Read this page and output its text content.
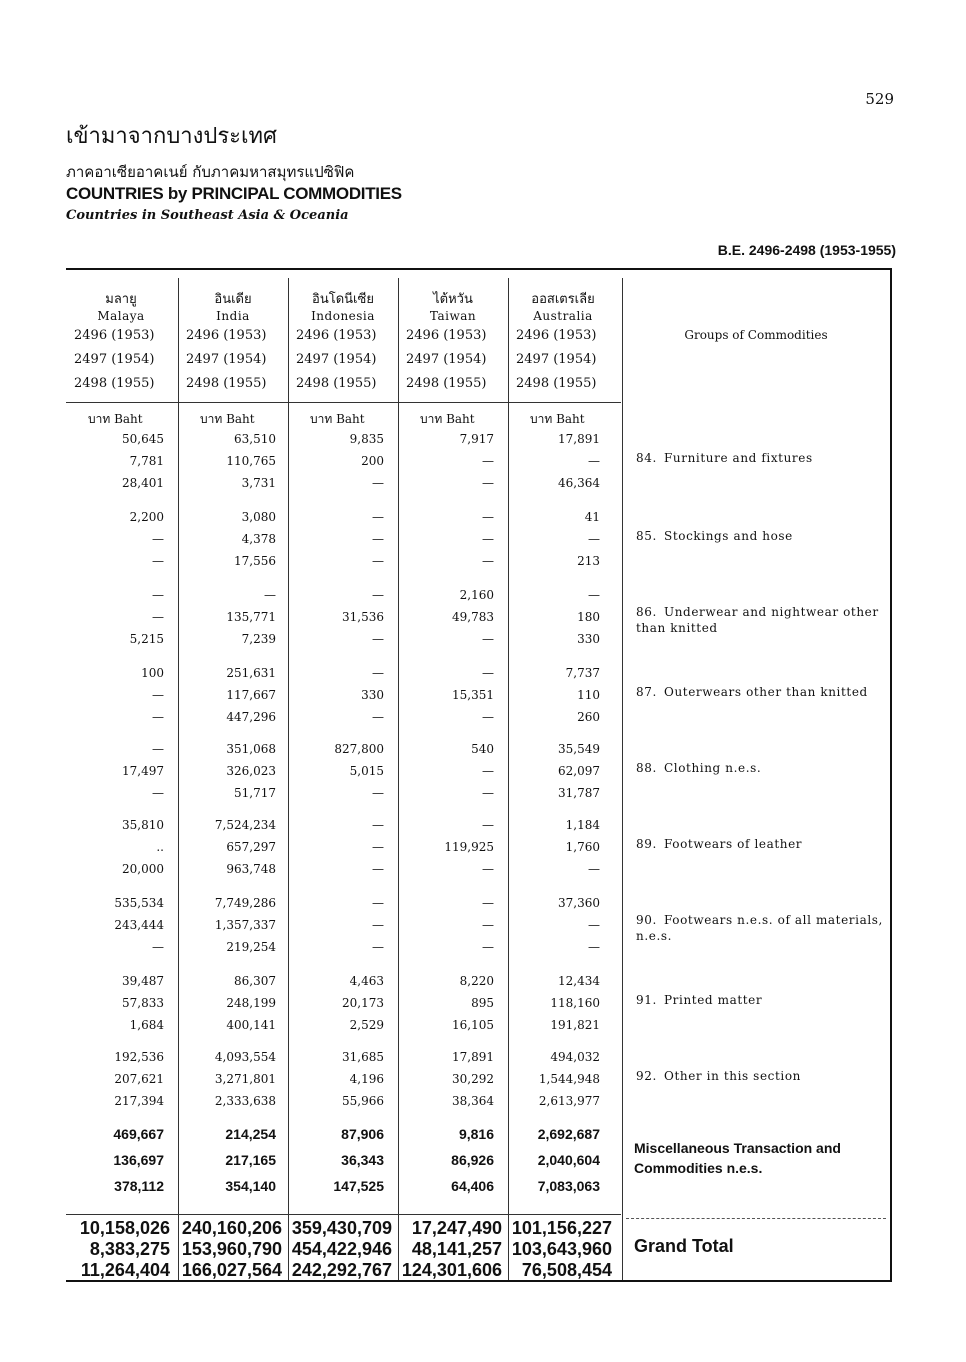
529
เข้ามาจากบางประเทศ
ภาคอาเซียอาคเนย์ กับภาคมหาสมุทรแปซิฟิค
COUNTRIES by PRINCIPAL COMMODITIES
Countries in Southeast Asia & Oceania
B.E. 2496-2498 (1953-1955)
Groups of Commodities
มลายู
Malaya
2496 (1953)
2497 (1954)
2498 (1955)
บาท Baht
อินเดีย
India
2496 (1953)
2497 (1954)
2498 (1955)
บาท Baht
อินโดนีเซีย
Indonesia
2496 (1953)
2497 (1954)
2498 (1955)
บาท Baht
ไต้หวัน
Taiwan
2496 (1953)
2497 (1954)
2498 (1955)
บาท Baht
ออสเตรเลีย
Australia
2496 (1953)
2497 (1954)
2498 (1955)
บาท Baht
50,645	63,510	9,835	7,917	17,891
7,781	110,765	200	—	—
28,401	3,731	—	—	46,364
84. Furniture and fixtures
2,200	3,080	—	—	41
—	4,378	—	—	—
—	17,556	—	—	213
85. Stockings and hose
—	—	—	2,160	—
—	135,771	31,536	49,783	180
5,215	7,239	—	—	330
86. Underwear and nightwear other than knitted
100	251,631	—	—	7,737
—	117,667	330	15,351	110
—	447,296	—	—	260
87. Outerwears other than knitted
—	351,068	827,800	540	35,549
17,497	326,023	5,015	—	62,097
—	51,717	—	—	31,787
88. Clothing n.e.s.
35,810	7,524,234	—	—	1,184
..	657,297	—	119,925	1,760
20,000	963,748	—	—	—
89. Footwears of leather
535,534	7,749,286	—	—	37,360
243,444	1,357,337	—	—	—
—	219,254	—	—	—
90. Footwears n.e.s. of all materials, n.e.s.
39,487	86,307	4,463	8,220	12,434
57,833	248,199	20,173	895	118,160
1,684	400,141	2,529	16,105	191,821
91. Printed matter
192,536	4,093,554	31,685	17,891	494,032
207,621	3,271,801	4,196	30,292	1,544,948
217,394	2,333,638	55,966	38,364	2,613,977
92. Other in this section
469,667	214,254	87,906	9,816	2,692,687
136,697	217,165	36,343	86,926	2,040,604
378,112	354,140	147,525	64,406	7,083,063
Miscellaneous Transaction and Commodities n.e.s.
10,158,026 240,160,206 359,430,709	17,247,490 101,156,227
8,383,275 153,960,790 454,422,946	48,141,257 103,643,960
11,264,404 166,027,564 242,292,767 124,301,606	76,508,454
Grand Total
